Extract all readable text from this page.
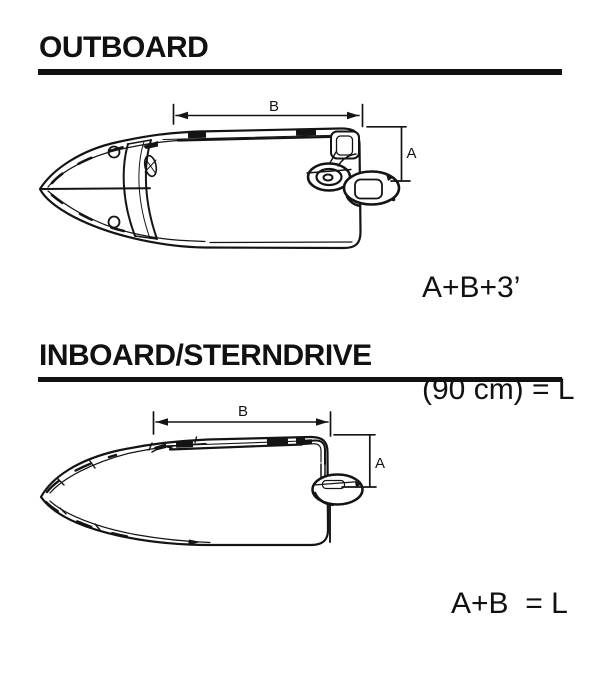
OUTBOARD
INBOARD/STERNDRIVE
B
A
B
A

A+B+3’

(90 cm) = L

A+B  = L
